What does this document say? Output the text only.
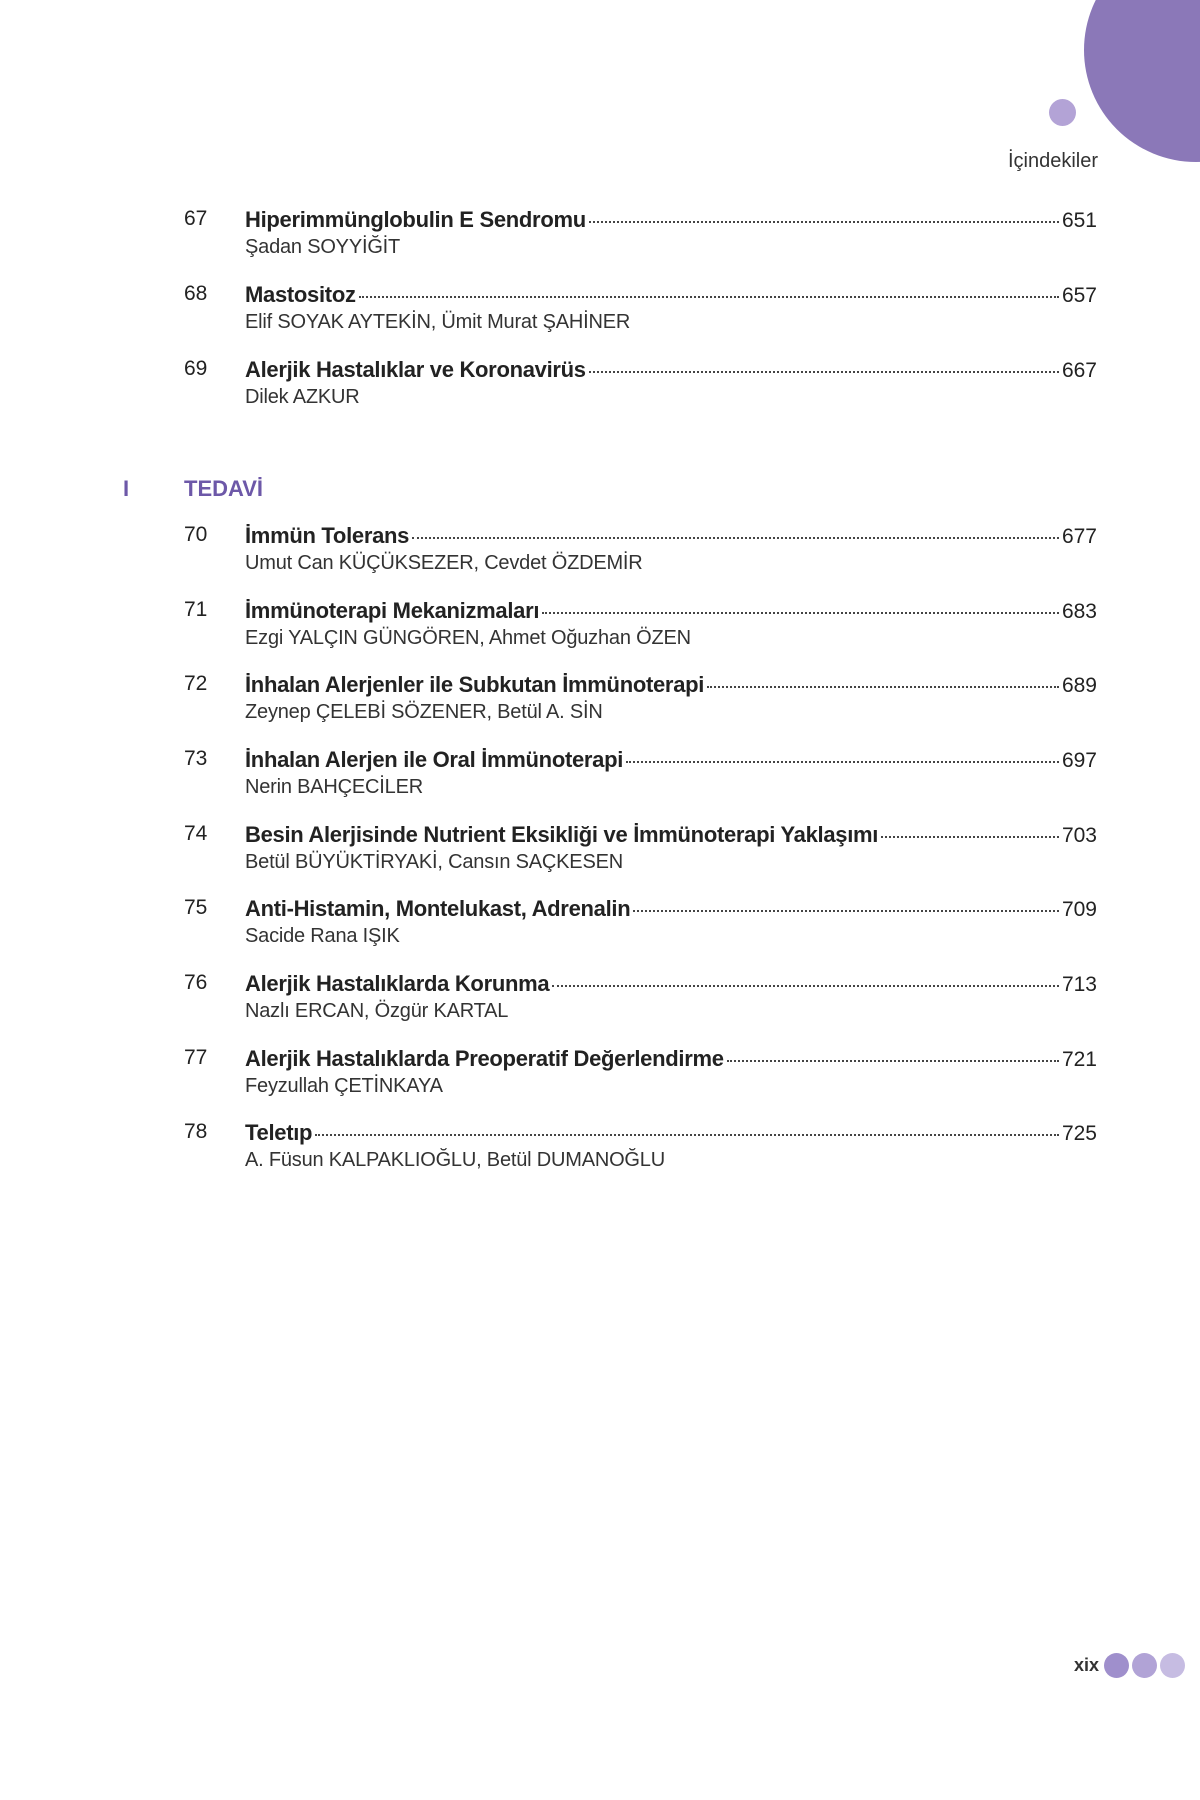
İçindekiler
67 Hiperimmünglobulin E Sendromu	651
Şadan SOYYİĞİT
68 Mastositoz	657
Elif SOYAK AYTEKİN, Ümit Murat ŞAHİNER
69 Alerjik Hastalıklar ve Koronavirüs	667
Dilek AZKUR
I TEDAVİ
70 İmmün Tolerans	677
Umut Can KÜÇÜKSEZER, Cevdet ÖZDEMİR
71 İmmünoterapi Mekanizmaları	683
Ezgi YALÇIN GÜNGÖREN, Ahmet Oğuzhan ÖZEN
72 İnhalan Alerjenler ile Subkutan İmmünoterapi	689
Zeynep ÇELEBİ SÖZENER, Betül A. SİN
73 İnhalan Alerjen ile Oral İmmünoterapi	697
Nerin BAHÇECİLER
74 Besin Alerjisinde Nutrient Eksikliği ve İmmünoterapi Yaklaşımı	703
Betül BÜYÜKTİRYAKİ, Cansın SAÇKESEN
75 Anti-Histamin, Montelukast, Adrenalin	709
Sacide Rana IŞIK
76 Alerjik Hastalıklarda Korunma	713
Nazlı ERCAN, Özgür KARTAL
77 Alerjik Hastalıklarda Preoperatif Değerlendirme	721
Feyzullah ÇETİNKAYA
78 Teletıp	725
A. Füsun KALPAKLIOĞLU, Betül DUMANOĞLU
xix
